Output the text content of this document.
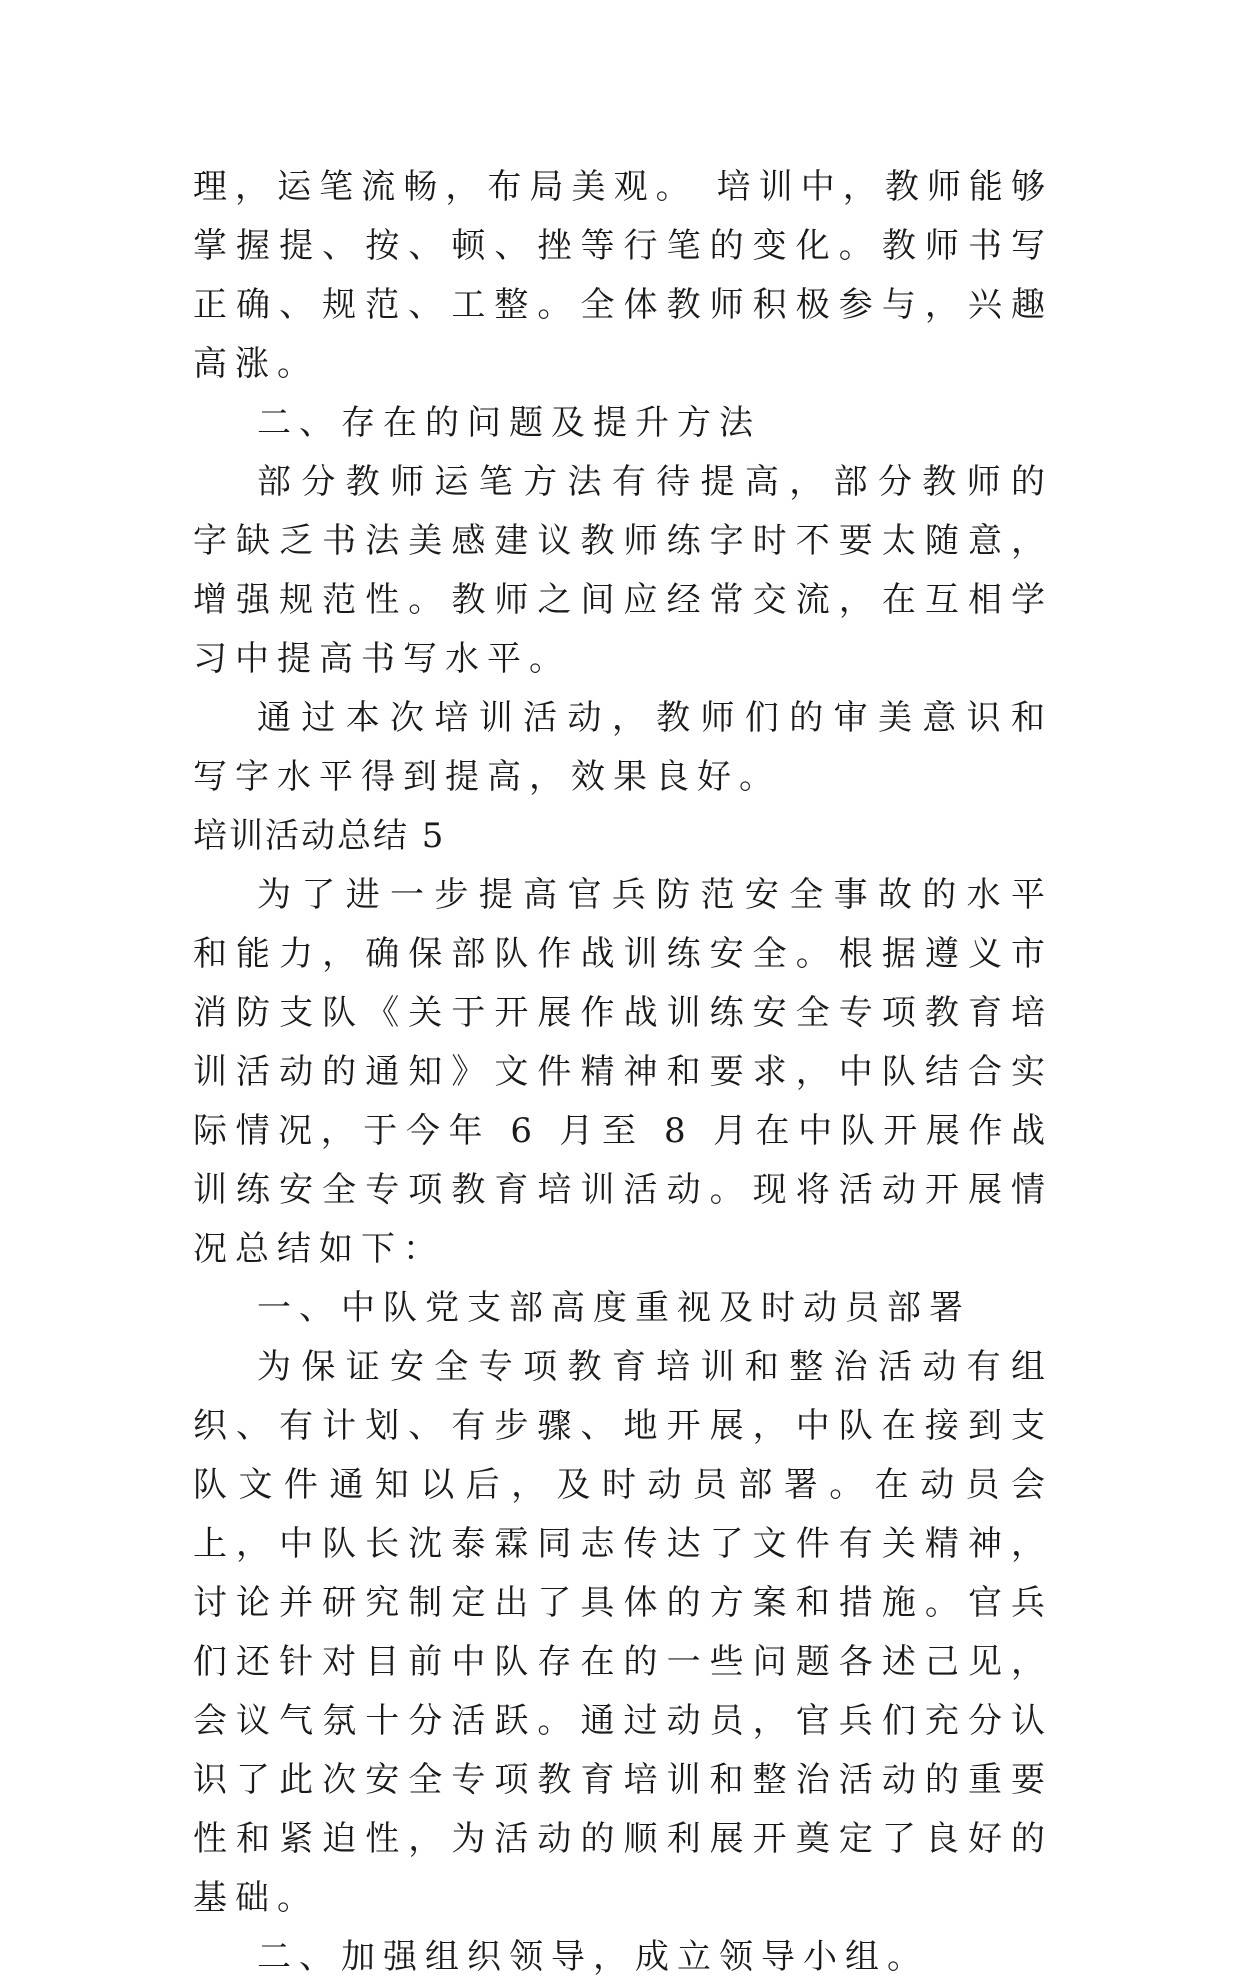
理，运笔流畅，布局美观。 培训中，教师能够掌握提、按、顿、挫等行笔的变化。教师书写正确、规范、工整。全体教师积极参与，兴趣高涨。

二、存在的问题及提升方法

部分教师运笔方法有待提高，部分教师的字缺乏书法美感建议教师练字时不要太随意，增强规范性。教师之间应经常交流，在互相学习中提高书写水平。

通过本次培训活动，教师们的审美意识和写字水平得到提高，效果良好。

培训活动总结 5

为了进一步提高官兵防范安全事故的水平和能力，确保部队作战训练安全。根据遵义市消防支队《关于开展作战训练安全专项教育培训活动的通知》文件精神和要求，中队结合实际情况，于今年 6 月至 8 月在中队开展作战训练安全专项教育培训活动。现将活动开展情况总结如下：

一、中队党支部高度重视及时动员部署

为保证安全专项教育培训和整治活动有组织、有计划、有步骤、地开展，中队在接到支队文件通知以后，及时动员部署。在动员会上，中队长沈泰霖同志传达了文件有关精神，讨论并研究制定出了具体的方案和措施。官兵们还针对目前中队存在的一些问题各述己见，会议气氛十分活跃。通过动员，官兵们充分认识了此次安全专项教育培训和整治活动的重要性和紧迫性，为活动的顺利展开奠定了良好的基础。

二、加强组织领导，成立领导小组。
